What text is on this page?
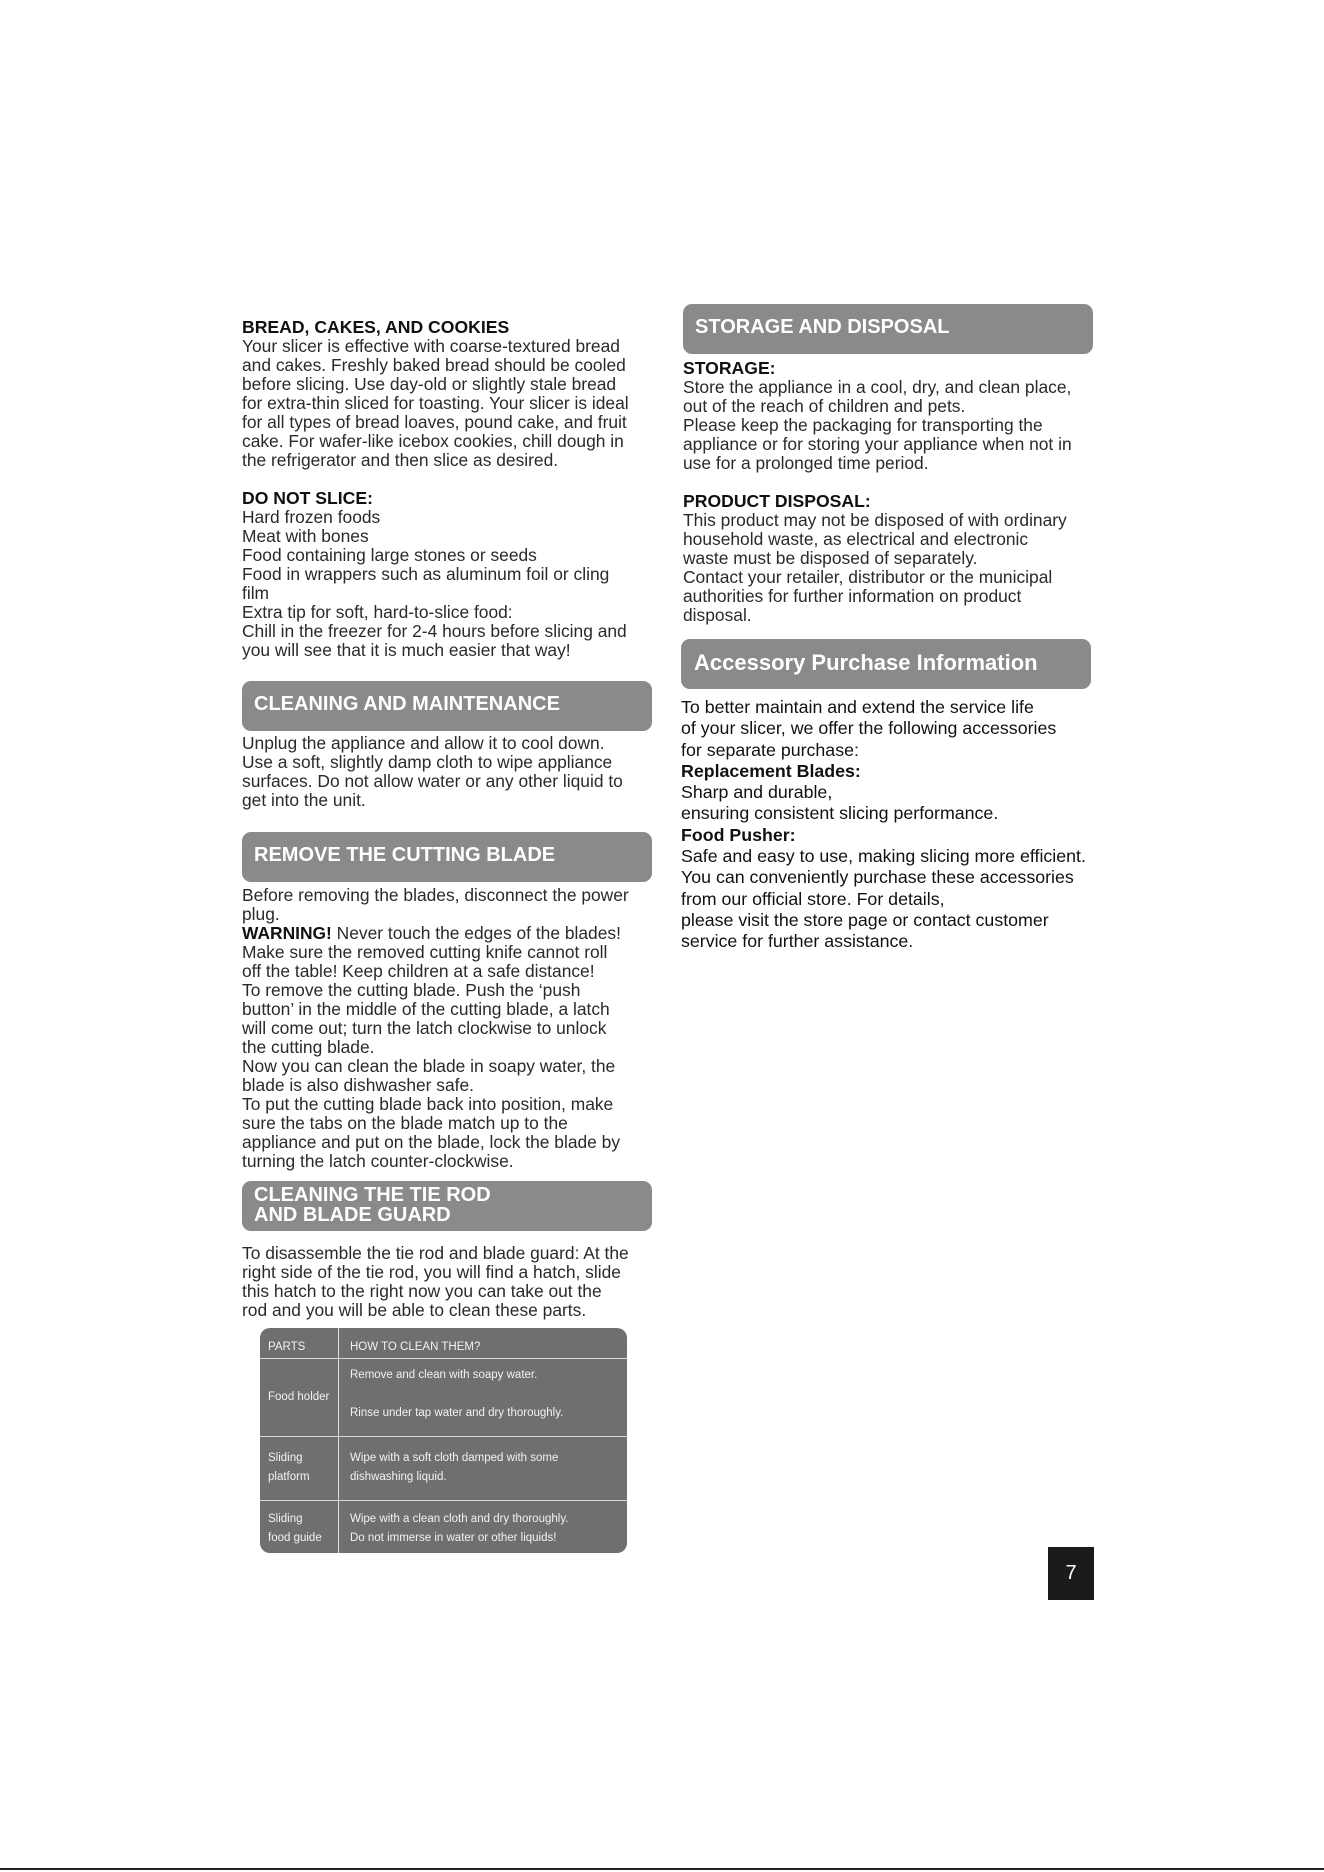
BREAD, CAKES, AND COOKIES

Your slicer is effective with coarse-textured bread
and cakes. Freshly baked bread should be cooled
before slicing. Use day-old or slightly stale bread
for extra-thin sliced for toasting. Your slicer is ideal
for all types of bread loaves, pound cake, and fruit
cake. For wafer-like icebox cookies, chill dough in
the refrigerator and then slice as desired.

DO NOT SLICE:

Hard frozen foods
Meat with bones
Food containing large stones or seeds
Food in wrappers such as aluminum foil or cling
film
Extra tip for soft, hard-to-slice food:
Chill in the freezer for 2-4 hours before slicing and
you will see that it is much easier that way!
CLEANING AND MAINTENANCE
Unplug the appliance and allow it to cool down.
Use a soft, slightly damp cloth to wipe appliance
surfaces. Do not allow water or any other liquid to
get into the unit.
REMOVE THE CUTTING BLADE
Before removing the blades, disconnect the power
plug.
WARNING! Never touch the edges of the blades!
Make sure the removed cutting knife cannot roll
off the table! Keep children at a safe distance!
To remove the cutting blade. Push the ‘push
button’ in the middle of the cutting blade, a latch
will come out; turn the latch clockwise to unlock
the cutting blade.
Now you can clean the blade in soapy water, the
blade is also dishwasher safe.
To put the cutting blade back into position, make
sure the tabs on the blade match up to the
appliance and put on the blade, lock the blade by
turning the latch counter-clockwise.
CLEANING THE TIE ROD
AND BLADE GUARD
To disassemble the tie rod and blade guard: At the
right side of the tie rod, you will find a hatch, slide
this hatch to the right now you can take out the
rod and you will be able to clean these parts.
PARTS	HOW TO CLEAN THEM?
Food holder
Remove and clean with soapy water.
Rinse under tap water and dry thoroughly.
Sliding
platform
Wipe with a soft cloth damped with some
dishwashing liquid.
Sliding
food guide
Wipe with a clean cloth and dry thoroughly.
Do not immerse in water or other liquids!
STORAGE AND DISPOSAL

STORAGE:

Store the appliance in a cool, dry, and clean place,
out of the reach of children and pets.
Please keep the packaging for transporting the
appliance or for storing your appliance when not in
use for a prolonged time period.

PRODUCT DISPOSAL:

This product may not be disposed of with ordinary
household waste, as electrical and electronic
waste must be disposed of separately.
Contact your retailer, distributor or the municipal
authorities for further information on product
disposal.
Accessory Purchase Information
To better maintain and extend the service life
of your slicer, we offer the following accessories
for separate purchase:
Replacement Blades:
Sharp and durable,
ensuring consistent slicing performance.
Food Pusher:
Safe and easy to use, making slicing more efficient.
You can conveniently purchase these accessories
from our official store. For details,
please visit the store page or contact customer
service for further assistance.
7
